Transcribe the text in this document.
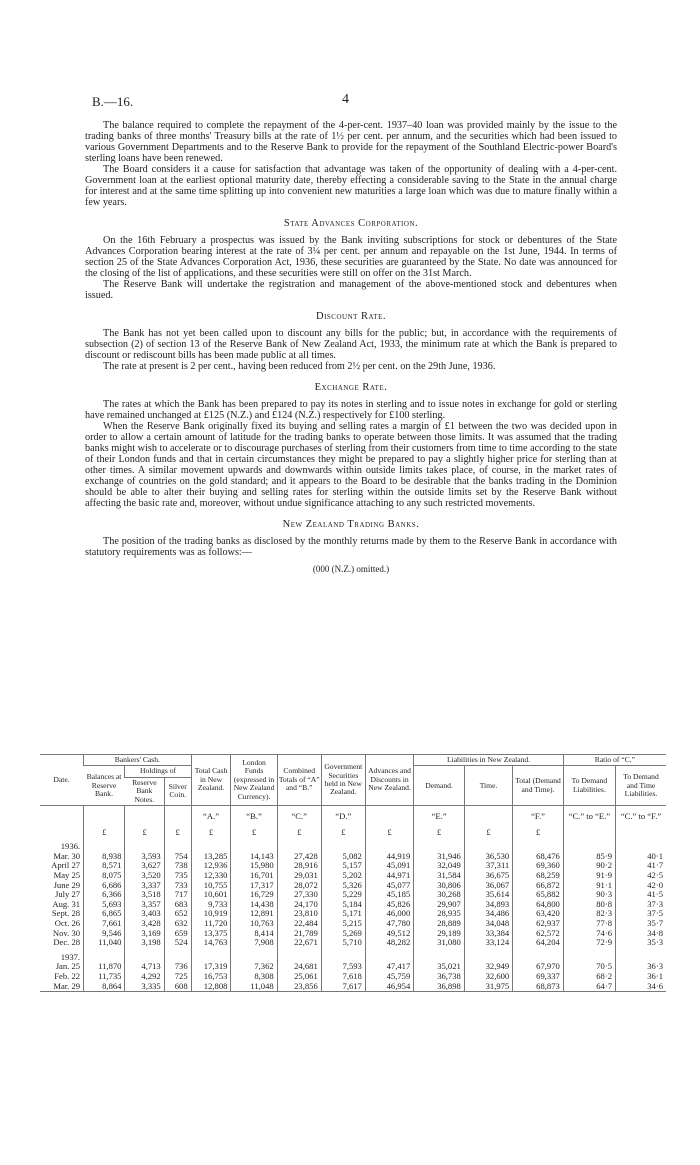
B.—16.	4

The balance required to complete the repayment of the 4-per-cent. 1937–40 loan was provided mainly by the issue to the trading banks of three months' Treasury bills at the rate of 1½ per cent. per annum, and the securities which had been issued to various Government Departments and to the Reserve Bank to provide for the repayment of the Southland Electric-power Board's sterling loans have been renewed.

The Board considers it a cause for satisfaction that advantage was taken of the opportunity of dealing with a 4-per-cent. Government loan at the earliest optional maturity date, thereby effecting a considerable saving to the State in the annual charge for interest and at the same time splitting up into convenient new maturities a large loan which was due to mature finally within a few years.

State Advances Corporation.

On the 16th February a prospectus was issued by the Bank inviting subscriptions for stock or debentures of the State Advances Corporation bearing interest at the rate of 3¼ per cent. per annum and repayable on the 1st June, 1944. In terms of section 25 of the State Advances Corporation Act, 1936, these securities are guaranteed by the State. No date was announced for the closing of the list of applications, and these securities were still on offer on the 31st March.

The Reserve Bank will undertake the registration and management of the above-mentioned stock and debentures when issued.

Discount Rate.

The Bank has not yet been called upon to discount any bills for the public; but, in accordance with the requirements of subsection (2) of section 13 of the Reserve Bank of New Zealand Act, 1933, the minimum rate at which the Bank is prepared to discount or rediscount bills has been made public at all times.

The rate at present is 2 per cent., having been reduced from 2½ per cent. on the 29th June, 1936.

Exchange Rate.

The rates at which the Bank has been prepared to pay its notes in sterling and to issue notes in exchange for gold or sterling have remained unchanged at £125 (N.Z.) and £124 (N.Z.) respectively for £100 sterling.

When the Reserve Bank originally fixed its buying and selling rates a margin of £1 between the two was decided upon in order to allow a certain amount of latitude for the trading banks to operate between those limits. It was assumed that the trading banks might wish to accelerate or to discourage purchases of sterling from their customers from time to time according to the state of their London funds and that in certain circumstances they might be prepared to pay a slightly higher price for sterling than at other times. A similar movement upwards and downwards within outside limits takes place, of course, in the market rates of exchange of countries on the gold standard; and it appears to the Board to be desirable that the banks trading in the Dominion should be able to alter their buying and selling rates for sterling within the outside limits set by the Reserve Bank without affecting the basic rate and, moreover, without undue significance attaching to any such restricted movements.

New Zealand Trading Banks.

The position of the trading banks as disclosed by the monthly returns made by them to the Reserve Bank in accordance with statutory requirements was as follows:—

(000 (N.Z.) omitted.)
Date.	Bankers' Cash.			Total Cash in New Zealand.	London Funds (expressed in New Zealand Currency).	Combined Totals of “A” and “B.”	Government Securities held in New Zealand.	Advances and Discounts in New Zealand.	Liabilities in New Zealand.			Ratio of “C.”	
	Balances at Reserve Bank.	Holdings of							Demand.	Time.	Total (Demand and Time).	To Demand Liabilities.	To Demand and Time Liabilities.
		Reserve Bank Notes.	Silver Coin.										
				“A.”	“B.”	“C.”	“D.”		“E.”		“F.”	“C.” to “E.”	“C.” to “F.”
	£	£	£	£	£	£	£	£	£	£	£		
1936.													
Mar. 30	8,938	3,593	754	13,285	14,143	27,428	5,082	44,919	31,946	36,530	68,476	85·9	40·1
April 27	8,571	3,627	738	12,936	15,980	28,916	5,157	45,091	32,049	37,311	69,360	90·2	41·7
May 25	8,075	3,520	735	12,330	16,701	29,031	5,202	44,971	31,584	36,675	68,259	91·9	42·5
June 29	6,686	3,337	733	10,755	17,317	28,072	5,326	45,077	30,806	36,067	66,872	91·1	42·0
July 27	6,366	3,518	717	10,601	16,729	27,330	5,229	45,185	30,268	35,614	65,882	90·3	41·5
Aug. 31	5,693	3,357	683	9,733	14,438	24,170	5,184	45,826	29,907	34,893	64,800	80·8	37·3
Sept. 28	6,865	3,403	652	10,919	12,891	23,810	5,171	46,000	28,935	34,486	63,420	82·3	37·5
Oct. 26	7,661	3,428	632	11,720	10,763	22,484	5,215	47,780	28,889	34,048	62,937	77·8	35·7
Nov. 30	9,546	3,169	659	13,375	8,414	21,789	5,269	49,512	29,189	33,384	62,572	74·6	34·8
Dec. 28	11,040	3,198	524	14,763	7,908	22,671	5,710	48,282	31,080	33,124	64,204	72·9	35·3
1937.													
Jan. 25	11,870	4,713	736	17,319	7,362	24,681	7,593	47,417	35,021	32,949	67,970	70·5	36·3
Feb. 22	11,735	4,292	725	16,753	8,308	25,061	7,618	45,759	36,738	32,600	69,337	68·2	36·1
Mar. 29	8,864	3,335	608	12,808	11,048	23,856	7,617	46,954	36,898	31,975	68,873	64·7	34·6
